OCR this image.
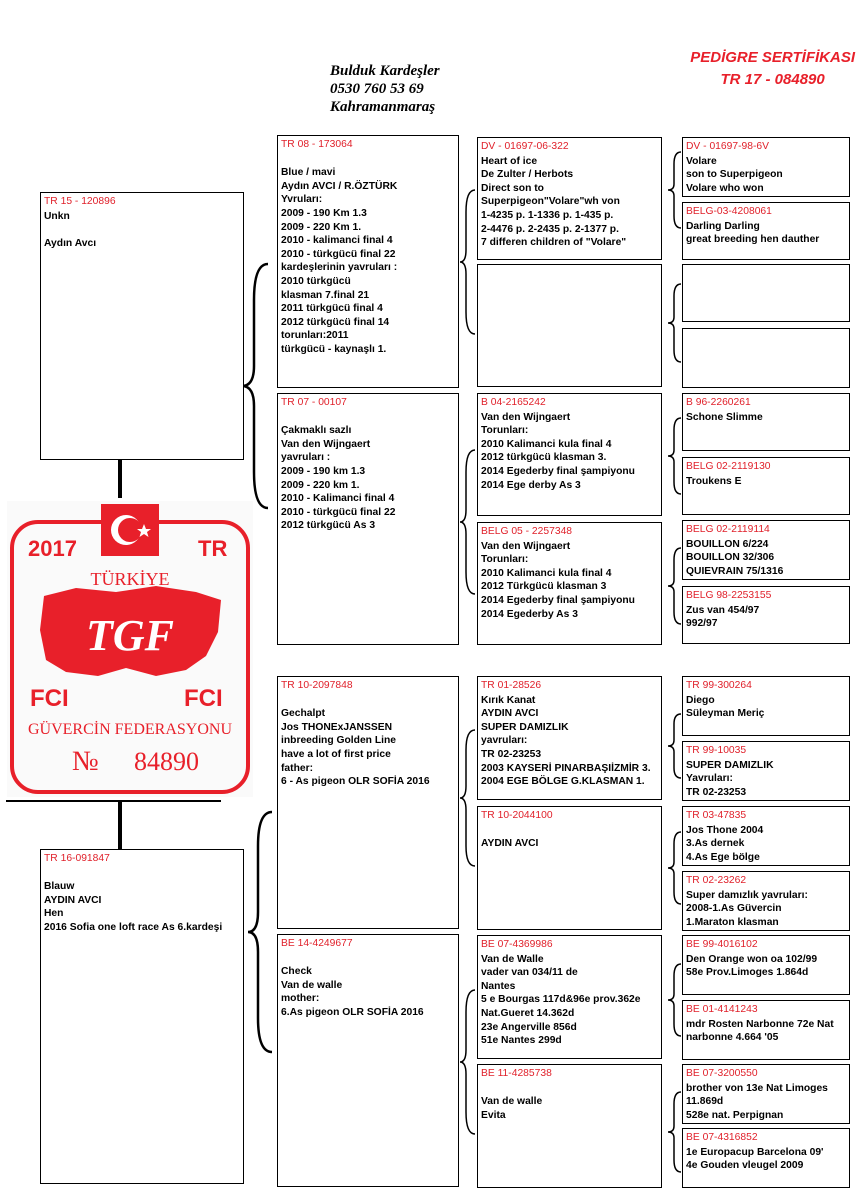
Bulduk Kardeşler
0530 760 53 69
Kahramanmaraş
PEDİGRE SERTİFİKASI
TR 17 - 084890
2017	TR
TÜRKİYE
TGF
FCI	FCI
GÜVERCİN FEDERASYONU
№ 84890
TR 15 - 120896
Unkn
Aydın Avcı
TR 16-091847
Blauw
AYDIN AVCI
Hen
2016 Sofia one loft race As 6.kardeşi
TR 08 - 173064
Blue / mavi
Aydın AVCI / R.ÖZTÜRK
Yvruları:
2009 - 190 Km 1.3
2009 - 220 Km 1.
2010 - kalimanci final 4
2010 - türkgücü final 22
kardeşlerinin yavruları :
2010 türkgücü
klasman 7.final 21
2011 türkgücü final 4
2012 türkgücü final 14
torunları:2011
türkgücü - kaynaşlı 1.
TR 07 - 00107
Çakmaklı sazlı
Van den Wijngaert
yavruları :
2009 - 190 km 1.3
2009 - 220 km 1.
2010 - Kalimanci final 4
2010 - türkgücü final 22
2012 türkgücü As 3
TR 10-2097848
Gechalpt
Jos THONExJANSSEN
inbreeding Golden Line
have a lot of first price
father:
6 - As pigeon OLR SOFİA 2016
BE 14-4249677
Check
Van de walle
mother:
6.As pigeon OLR SOFİA 2016
DV - 01697-06-322
Heart of ice
De Zulter / Herbots
Direct son to
Superpigeon"Volare"wh von
1-4235 p. 1-1336 p. 1-435 p.
2-4476 p. 2-2435 p. 2-1377 p.
7 differen children of "Volare"
B 04-2165242
Van den Wijngaert
Torunları:
2010 Kalimanci kula final 4
2012 türkgücü klasman 3.
2014 Egederby final şampiyonu
2014 Ege derby As 3
BELG 05 - 2257348
Van den Wijngaert
Torunları:
2010 Kalimanci kula final 4
2012 Türkgücü klasman 3
2014 Egederby final şampiyonu
2014 Egederby As 3
TR 01-28526
Kırık Kanat
AYDIN AVCI
SUPER DAMIZLIK
yavruları:
TR 02-23253
2003 KAYSERİ PINARBAŞIİZMİR 3.
2004 EGE BÖLGE G.KLASMAN 1.
TR 10-2044100
AYDIN AVCI
BE 07-4369986
Van de Walle
vader van 034/11 de
Nantes
5 e Bourgas 117d&96e prov.362e
Nat.Gueret 14.362d
23e Angerville 856d
51e Nantes 299d
BE 11-4285738
Van de walle
Evita
DV - 01697-98-6V
Volare
son to Superpigeon
Volare who won
BELG-03-4208061
Darling Darling
great breeding hen dauther
B 96-2260261
Schone Slimme
BELG 02-2119130
Troukens E
BELG 02-2119114
BOUILLON 6/224
BOUILLON 32/306
QUIEVRAIN 75/1316
BELG 98-2253155
Zus van 454/97
992/97
TR 99-300264
Diego
Süleyman Meriç
TR 99-10035
SUPER DAMIZLIK
Yavruları:
TR 02-23253
TR 03-47835
Jos Thone 2004
3.As dernek
4.As Ege bölge
TR 02-23262
Super damızlık yavruları:
2008-1.As Güvercin
1.Maraton klasman
BE 99-4016102
Den Orange won oa 102/99
58e Prov.Limoges 1.864d
BE 01-4141243
mdr Rosten Narbonne 72e Nat
narbonne 4.664 '05
BE 07-3200550
brother von 13e Nat Limoges
11.869d
528e nat. Perpignan
BE 07-4316852
1e Europacup Barcelona 09'
4e Gouden vleugel 2009
